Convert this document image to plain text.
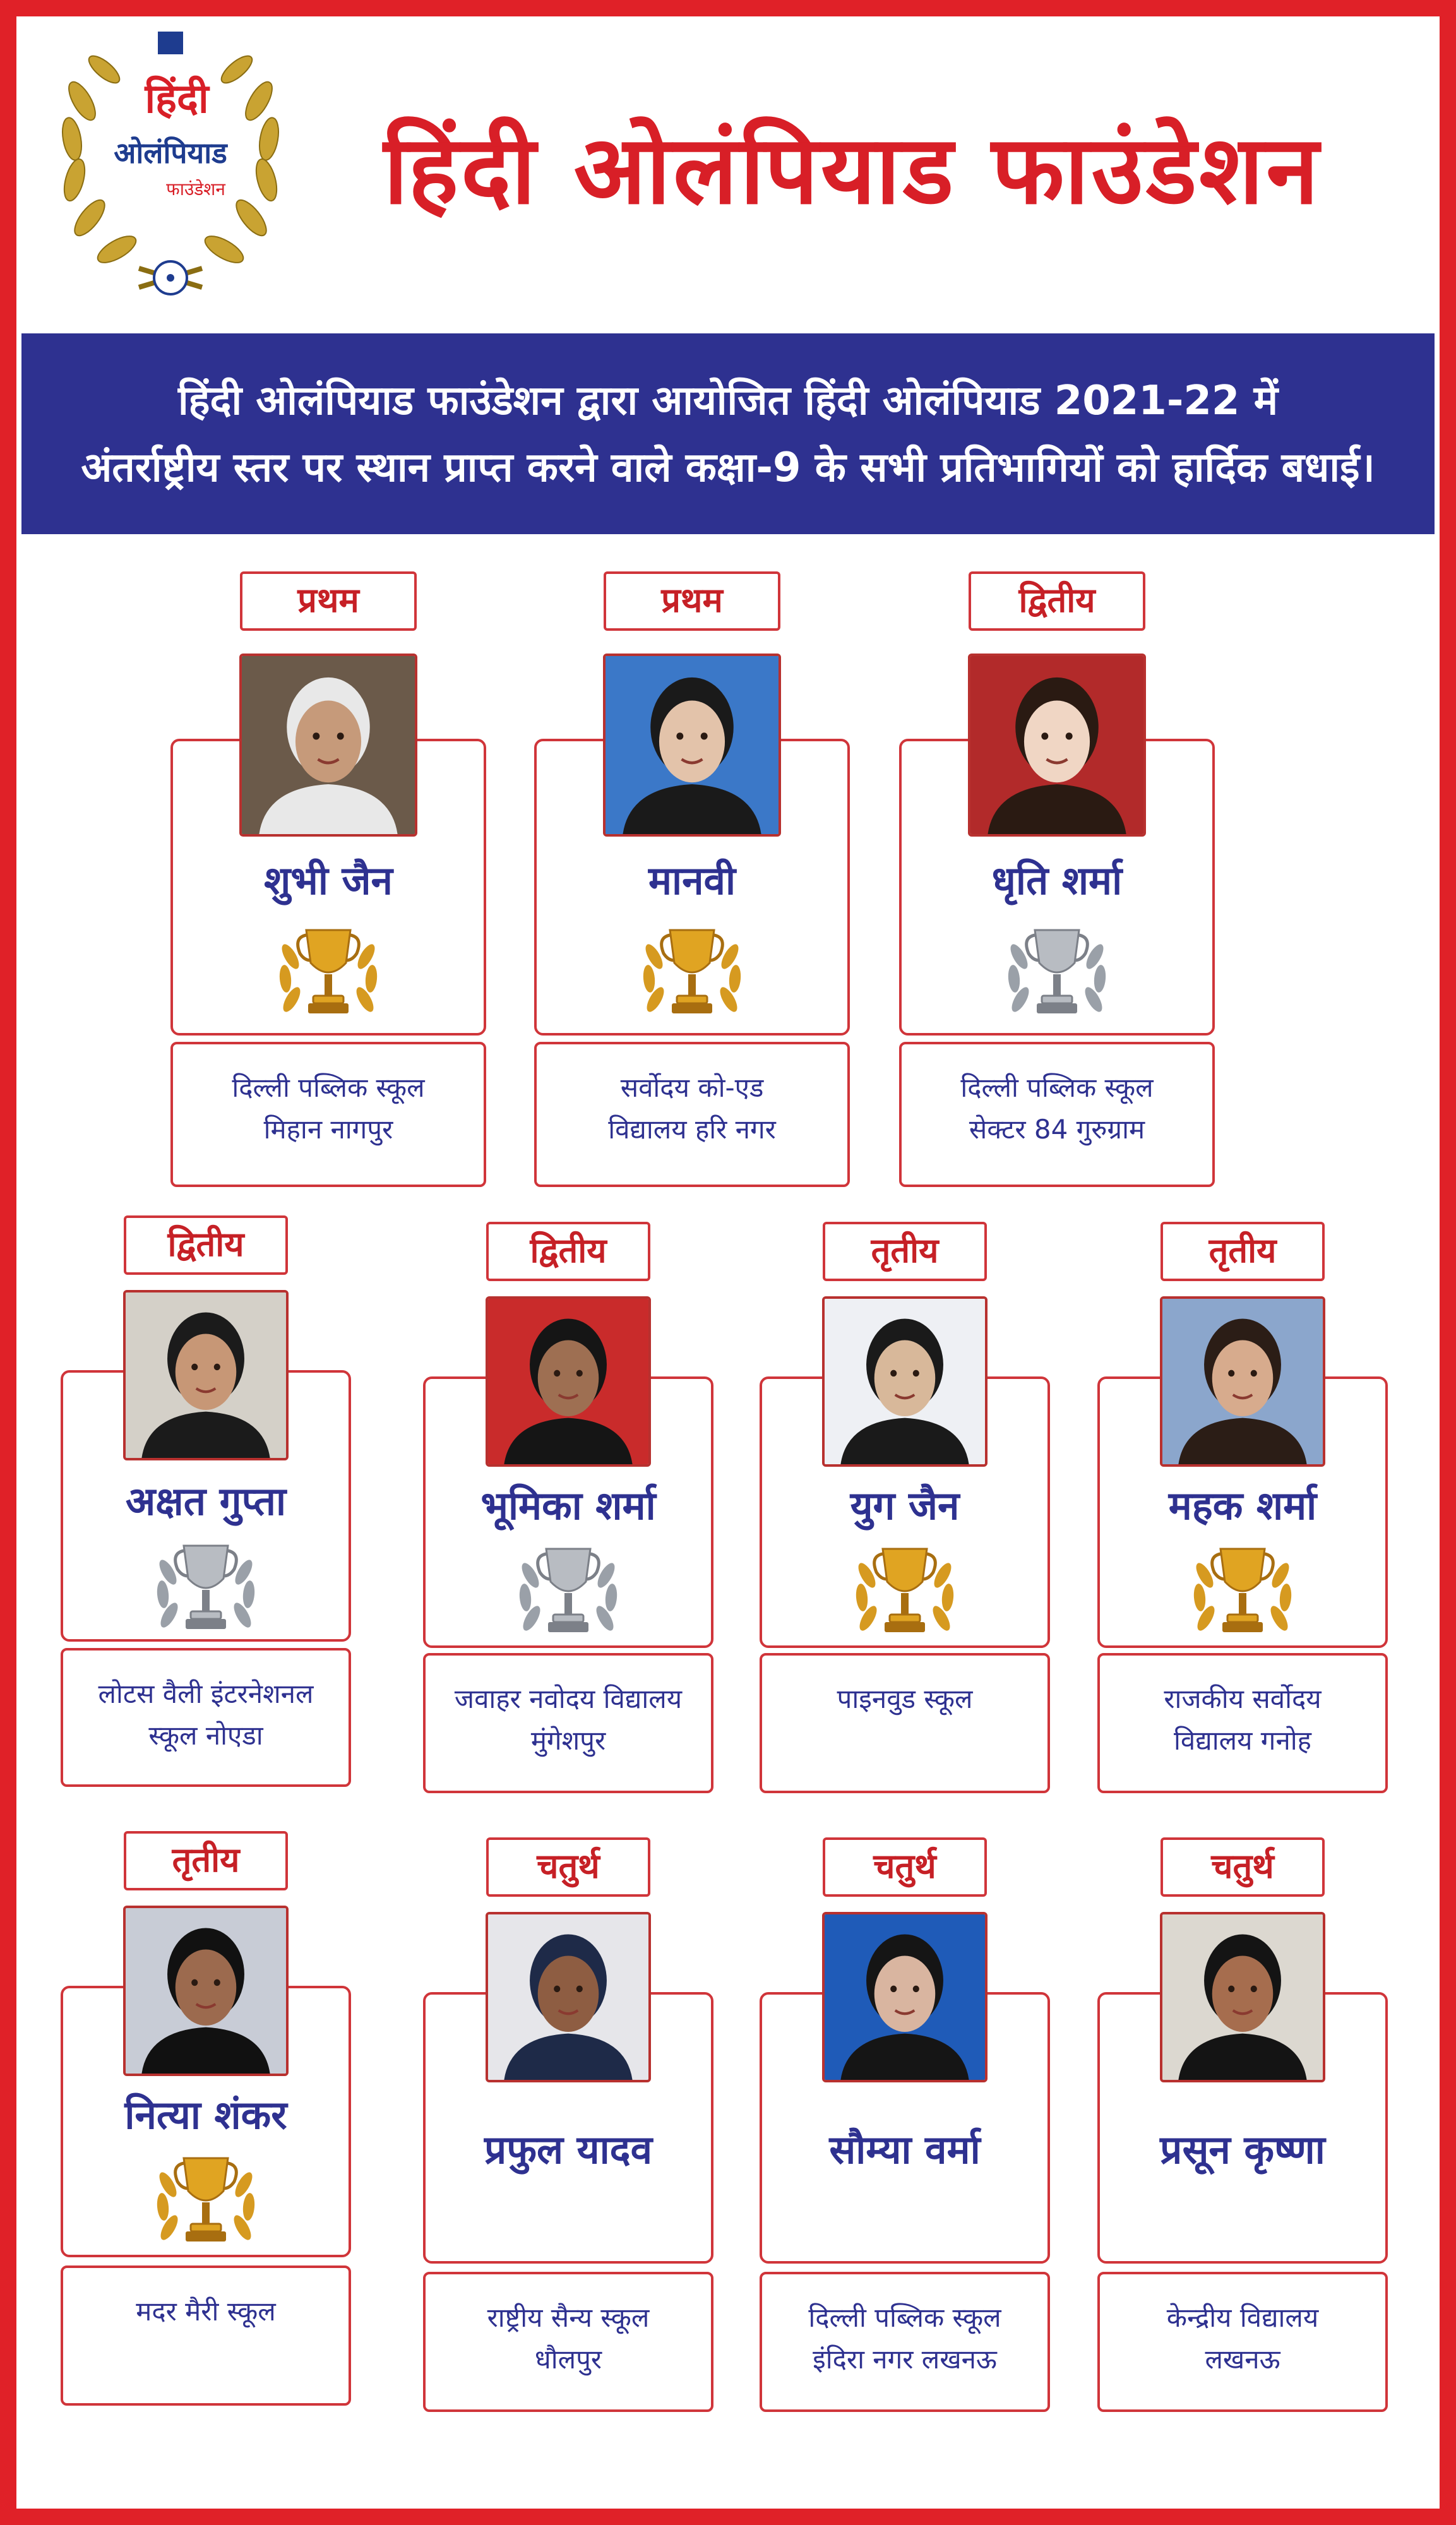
हिंदी
ओलंपियाड
फाउंडेशन	हिंदी ओलंपियाड फाउंडेशन
हिंदी ओलंपियाड फाउंडेशन द्वारा आयोजित हिंदी ओलंपियाड 2021-22 में
अंतर्राष्ट्रीय स्तर पर स्थान प्राप्त करने वाले कक्षा-9 के सभी प्रतिभागियों को हार्दिक बधाई।
प्रथम
शुभी जैन
दिल्ली पब्लिक स्कूल
मिहान नागपुर
प्रथम
मानवी
सर्वोदय को-एड
विद्यालय हरि नगर
द्वितीय
धृति शर्मा
दिल्ली पब्लिक स्कूल
सेक्टर 84 गुरुग्राम
द्वितीय
अक्षत गुप्ता
लोटस वैली इंटरनेशनल
स्कूल नोएडा
द्वितीय
भूमिका शर्मा
जवाहर नवोदय विद्यालय
मुंगेशपुर
तृतीय
युग जैन
पाइनवुड स्कूल
तृतीय
महक शर्मा
राजकीय सर्वोदय
विद्यालय गनोह
तृतीय
नित्या शंकर
मदर मैरी स्कूल
चतुर्थ
प्रफुल यादव
राष्ट्रीय सैन्य स्कूल
धौलपुर
चतुर्थ
सौम्या वर्मा
दिल्ली पब्लिक स्कूल
इंदिरा नगर लखनऊ
चतुर्थ
प्रसून कृष्णा
केन्द्रीय विद्यालय
लखनऊ
